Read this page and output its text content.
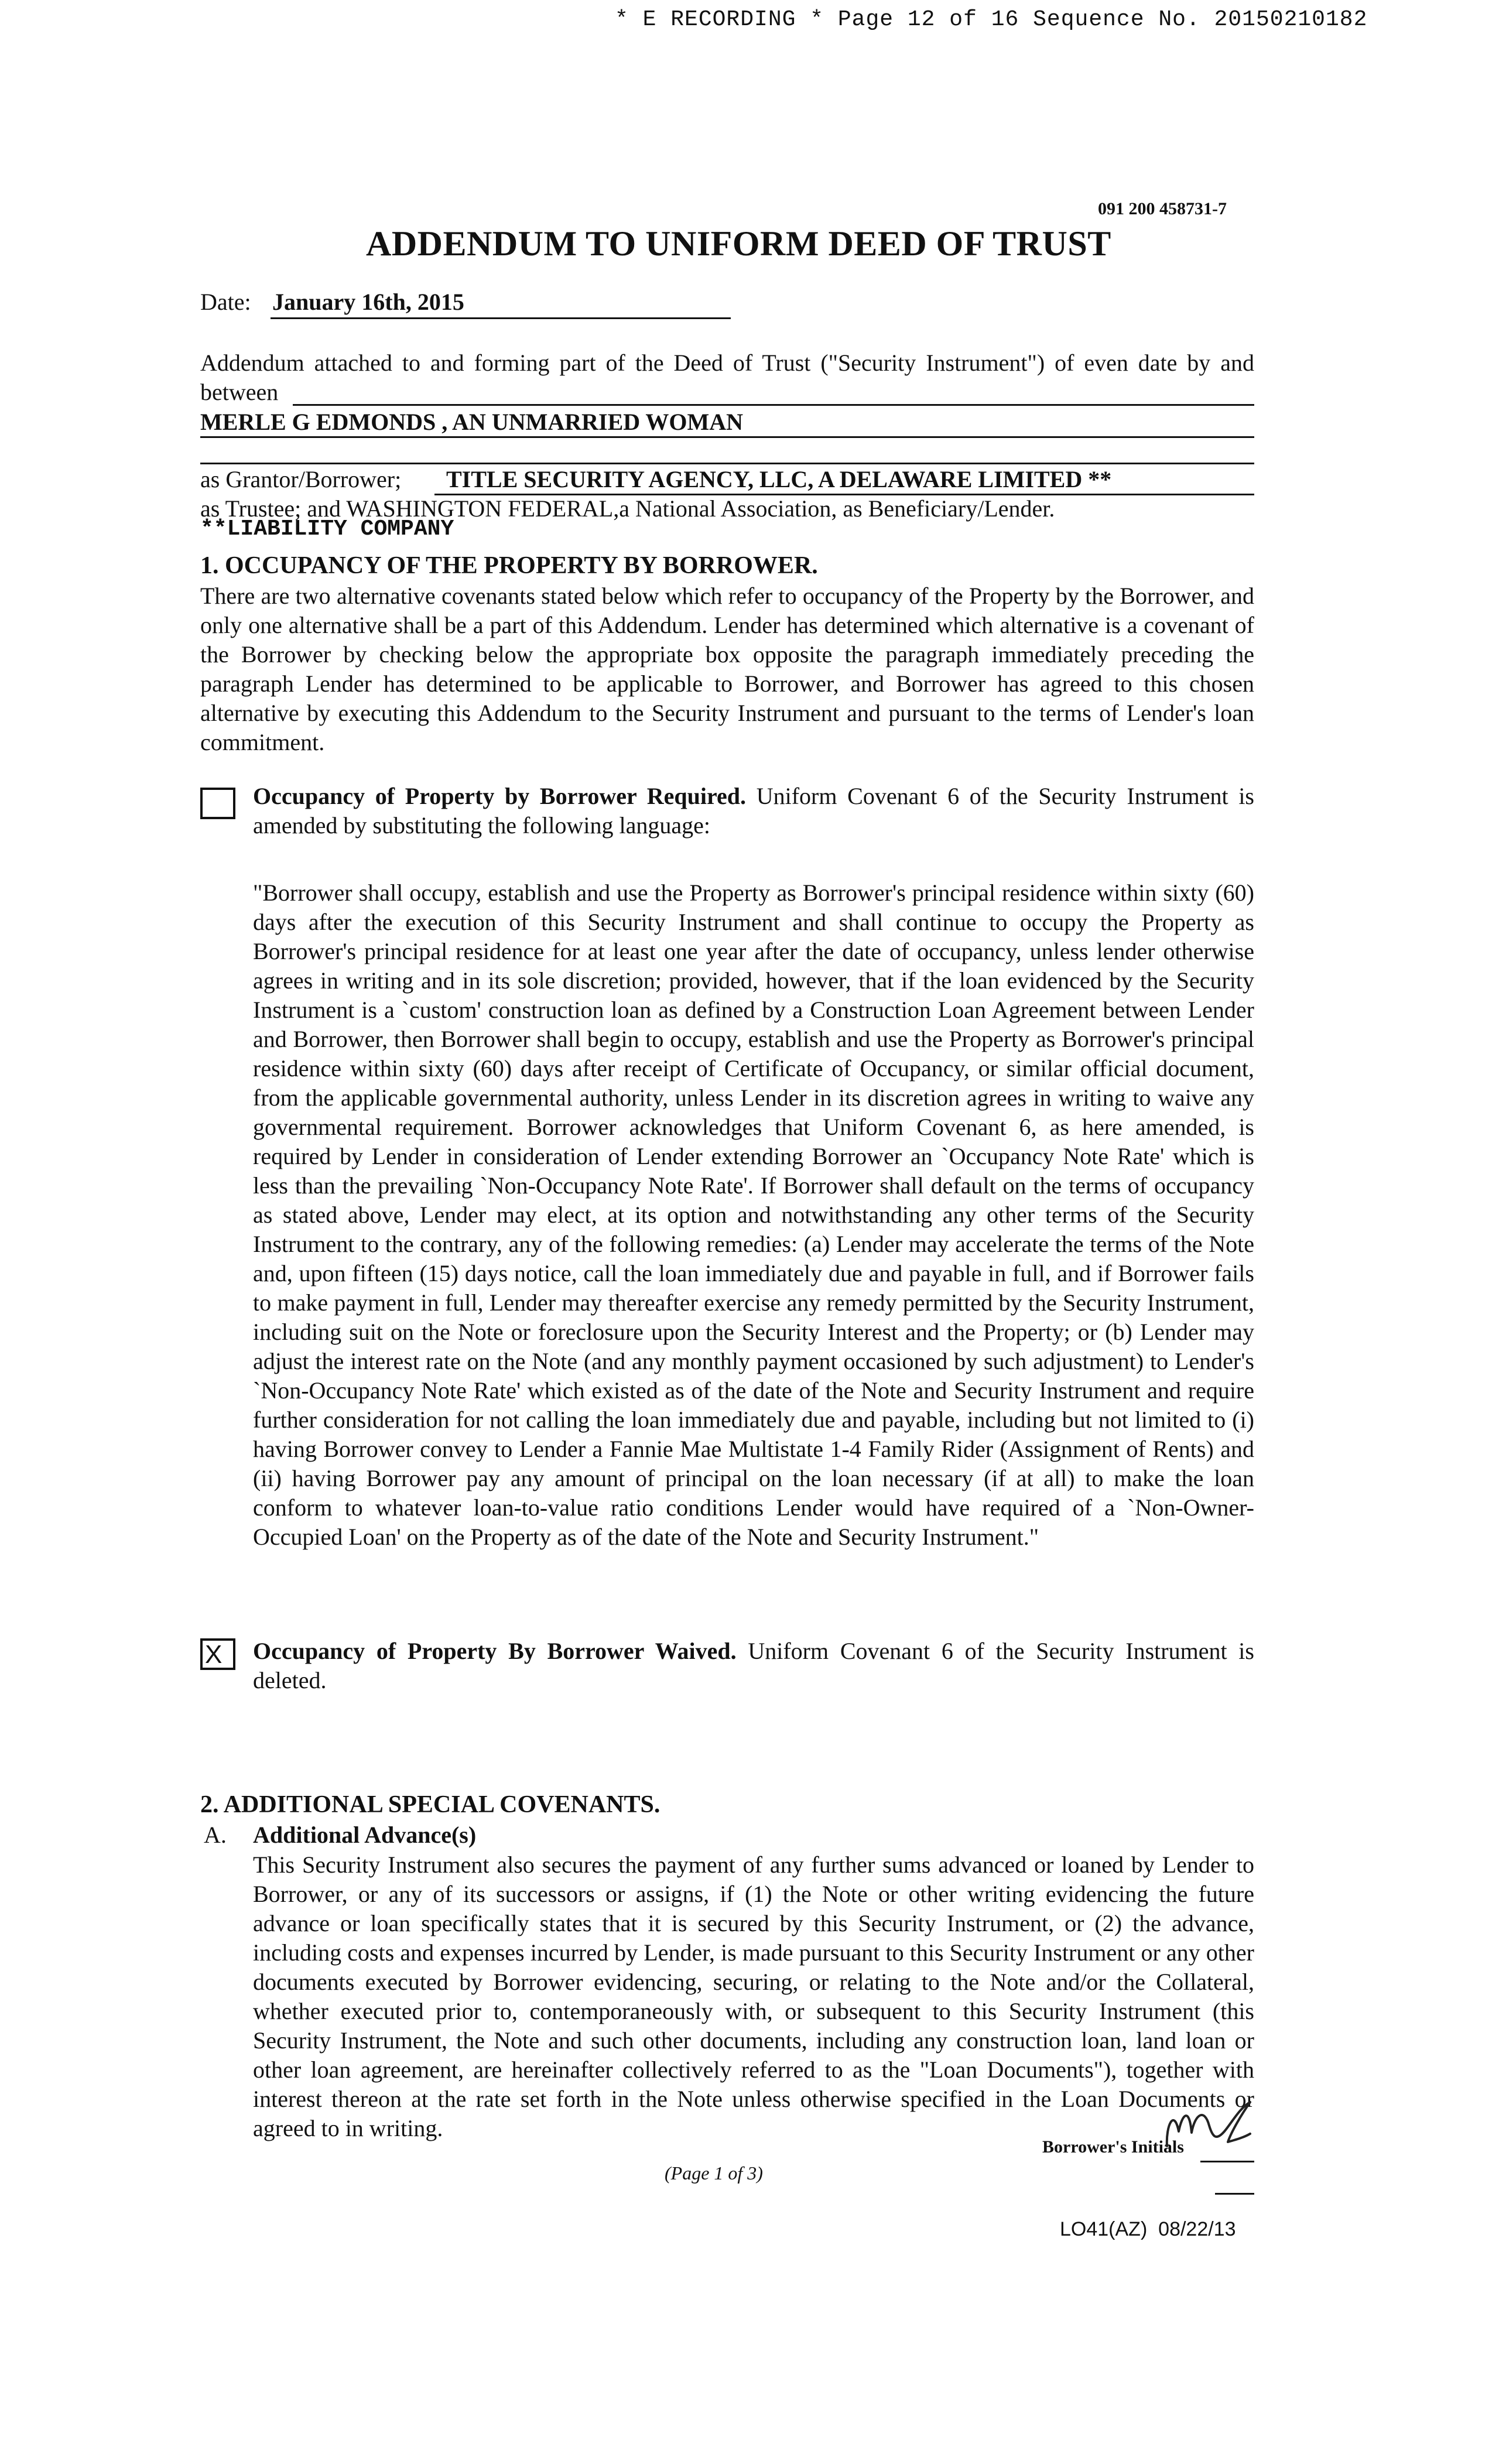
* E RECORDING * Page 12 of 16 Sequence No. 20150210182
091 200 458731-7
ADDENDUM TO UNIFORM DEED OF TRUST
Date: January 16th, 2015
Addendum attached to and forming part of the Deed of Trust ("Security Instrument") of even date by and between
MERLE G EDMONDS , AN UNMARRIED WOMAN
as Grantor/Borrower; TITLE SECURITY AGENCY, LLC, A DELAWARE LIMITED **
as Trustee; and WASHINGTON FEDERAL,a National Association, as Beneficiary/Lender.
**LIABILITY COMPANY
1. OCCUPANCY OF THE PROPERTY BY BORROWER.
There are two alternative covenants stated below which refer to occupancy of the Property by the Borrower, and only one alternative shall be a part of this Addendum. Lender has determined which alternative is a covenant of the Borrower by checking below the appropriate box opposite the paragraph immediately preceding the paragraph Lender has determined to be applicable to Borrower, and Borrower has agreed to this chosen alternative by executing this Addendum to the Security Instrument and pursuant to the terms of Lender's loan commitment.
Occupancy of Property by Borrower Required. Uniform Covenant 6 of the Security Instrument is amended by substituting the following language:
"Borrower shall occupy, establish and use the Property as Borrower's principal residence within sixty (60) days after the execution of this Security Instrument and shall continue to occupy the Property as Borrower's principal residence for at least one year after the date of occupancy, unless lender otherwise agrees in writing and in its sole discretion; provided, however, that if the loan evidenced by the Security Instrument is a `custom' construction loan as defined by a Construction Loan Agreement between Lender and Borrower, then Borrower shall begin to occupy, establish and use the Property as Borrower's principal residence within sixty (60) days after receipt of Certificate of Occupancy, or similar official document, from the applicable governmental authority, unless Lender in its discretion agrees in writing to waive any governmental requirement. Borrower acknowledges that Uniform Covenant 6, as here amended, is required by Lender in consideration of Lender extending Borrower an `Occupancy Note Rate' which is less than the prevailing `Non-Occupancy Note Rate'. If Borrower shall default on the terms of occupancy as stated above, Lender may elect, at its option and notwithstanding any other terms of the Security Instrument to the contrary, any of the following remedies: (a) Lender may accelerate the terms of the Note and, upon fifteen (15) days notice, call the loan immediately due and payable in full, and if Borrower fails to make payment in full, Lender may thereafter exercise any remedy permitted by the Security Instrument, including suit on the Note or foreclosure upon the Security Interest and the Property; or (b) Lender may adjust the interest rate on the Note (and any monthly payment occasioned by such adjustment) to Lender's `Non-Occupancy Note Rate' which existed as of the date of the Note and Security Instrument and require further consideration for not calling the loan immediately due and payable, including but not limited to (i) having Borrower convey to Lender a Fannie Mae Multistate 1-4 Family Rider (Assignment of Rents) and (ii) having Borrower pay any amount of principal on the loan necessary (if at all) to make the loan conform to whatever loan-to-value ratio conditions Lender would have required of a `Non-Owner-Occupied Loan' on the Property as of the date of the Note and Security Instrument."
X Occupancy of Property By Borrower Waived. Uniform Covenant 6 of the Security Instrument is deleted.
2. ADDITIONAL SPECIAL COVENANTS.
A. Additional Advance(s)
This Security Instrument also secures the payment of any further sums advanced or loaned by Lender to Borrower, or any of its successors or assigns, if (1) the Note or other writing evidencing the future advance or loan specifically states that it is secured by this Security Instrument, or (2) the advance, including costs and expenses incurred by Lender, is made pursuant to this Security Instrument or any other documents executed by Borrower evidencing, securing, or relating to the Note and/or the Collateral, whether executed prior to, contemporaneously with, or subsequent to this Security Instrument (this Security Instrument, the Note and such other documents, including any construction loan, land loan or other loan agreement, are hereinafter collectively referred to as the "Loan Documents"), together with interest thereon at the rate set forth in the Note unless otherwise specified in the Loan Documents or agreed to in writing.
Borrower's Initials
(Page 1 of 3)
LO41(AZ)  08/22/13
